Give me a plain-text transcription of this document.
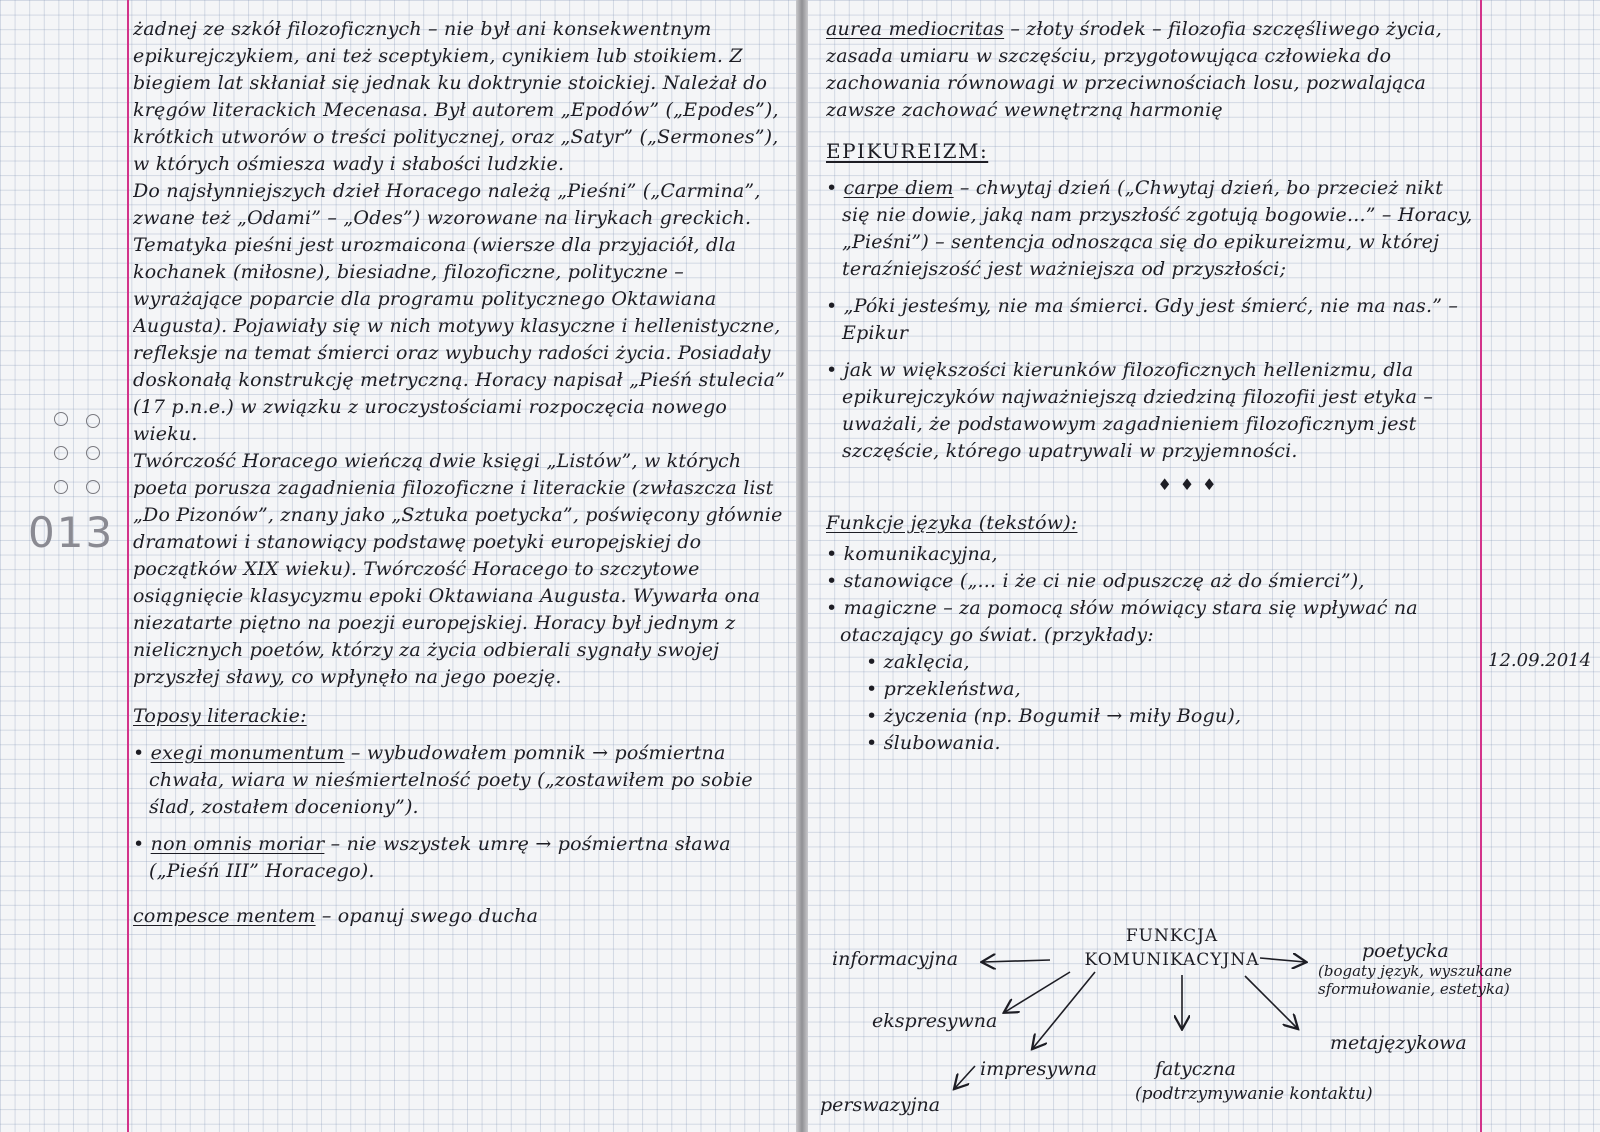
013
12.09.2014

żadnej ze szkół filozoficznych – nie był ani konsekwentnym epikurejczykiem, ani też sceptykiem, cynikiem lub stoikiem. Z biegiem lat skłaniał się jednak ku doktrynie stoickiej. Należał do kręgów literackich Mecenasa. Był autorem „Epodów” („Epodes”), krótkich utworów o treści politycznej, oraz „Satyr” („Sermones”), w których ośmiesza wady i słabości ludzkie.

Do najsłynniejszych dzieł Horacego należą „Pieśni” („Carmina”, zwane też „Odami” – „Odes”) wzorowane na lirykach greckich. Tematyka pieśni jest urozmaicona (wiersze dla przyjaciół, dla kochanek (miłosne), biesiadne, filozoficzne, polityczne – wyrażające poparcie dla programu politycznego Oktawiana Augusta). Pojawiały się w nich motywy klasyczne i hellenistyczne, refleksje na temat śmierci oraz wybuchy radości życia. Posiadały doskonałą konstrukcję metryczną. Horacy napisał „Pieśń stulecia” (17 p.n.e.) w związku z uroczystościami rozpoczęcia nowego wieku.

Twórczość Horacego wieńczą dwie księgi „Listów”, w których poeta porusza zagadnienia filozoficzne i literackie (zwłaszcza list „Do Pizonów”, znany jako „Sztuka poetycka”, poświęcony głównie dramatowi i stanowiący podstawę poetyki europejskiej do początków XIX wieku). Twórczość Horacego to szczytowe osiągnięcie klasycyzmu epoki Oktawiana Augusta. Wywarła ona niezatarte piętno na poezji europejskiej. Horacy był jednym z nielicznych poetów, którzy za życia odbierali sygnały swojej przyszłej sławy, co wpłynęło na jego poezję.

Toposy literackie:

• exegi monumentum – wybudowałem pomnik → pośmiertna chwała, wiara w nieśmiertelność poety („zostawiłem po sobie ślad, zostałem doceniony”).

• non omnis moriar – nie wszystek umrę → pośmiertna sława („Pieśń III” Horacego).

compesce mentem – opanuj swego ducha

aurea mediocritas – złoty środek – filozofia szczęśliwego życia, zasada umiaru w szczęściu, przygotowująca człowieka do zachowania równowagi w przeciwnościach losu, pozwalająca zawsze zachować wewnętrzną harmonię

EPIKUREIZM:

• carpe diem – chwytaj dzień („Chwytaj dzień, bo przecież nikt się nie dowie, jaką nam przyszłość zgotują bogowie...” – Horacy, „Pieśni”) – sentencja odnosząca się do epikureizmu, w której teraźniejszość jest ważniejsza od przyszłości;

• „Póki jesteśmy, nie ma śmierci. Gdy jest śmierć, nie ma nas.” – Epikur

• jak w większości kierunków filozoficznych hellenizmu, dla epikurejczyków najważniejszą dziedziną filozofii jest etyka – uważali, że podstawowym zagadnieniem filozoficznym jest szczęście, którego upatrywali w przyjemności.

♦♦♦

Funkcje języka (tekstów):

• komunikacyjna,

• stanowiące („... i że ci nie odpuszczę aż do śmierci”),

• magiczne – za pomocą słów mówiący stara się wpływać na otaczający go świat. (przykłady:

• zaklęcia,

• przekleństwa,

• życzenia (np. Bogumił → miły Bogu),

• ślubowania.

FUNKCJA
KOMUNIKACYJNA
informacyjna
ekspresywna
impresywna
perswazyjna
fatyczna
(podtrzymywanie kontaktu)
poetycka
(bogaty język, wyszukane sformułowanie, estetyka)
metajęzykowa
